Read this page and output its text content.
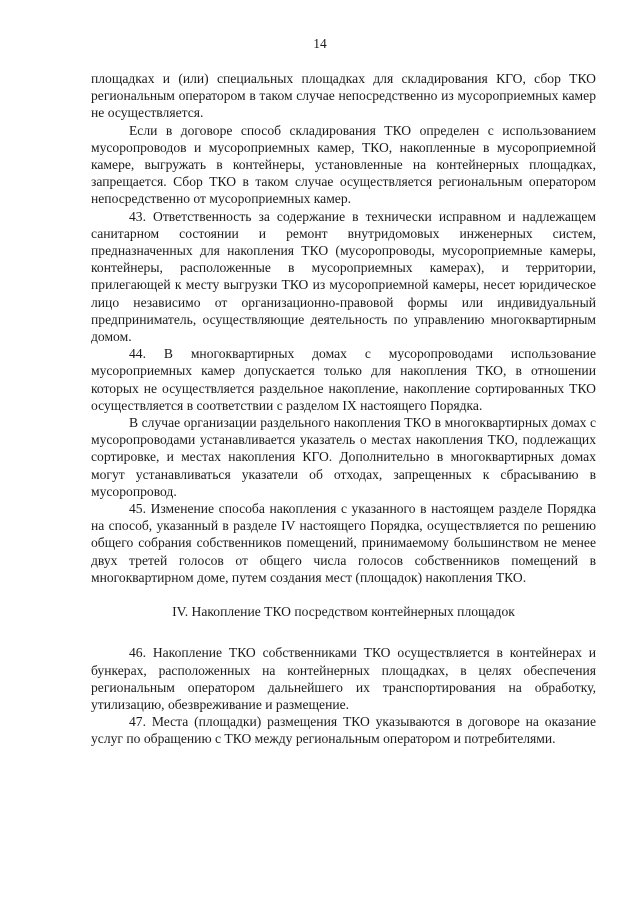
14

площадках и (или) специальных площадках для складирования КГО, сбор ТКО региональным оператором в таком случае непосредственно из мусороприемных камер не осуществляется.

Если в договоре способ складирования ТКО определен с использованием мусоропроводов и мусороприемных камер, ТКО, накопленные в мусороприемной камере, выгружать в контейнеры, установленные на контейнерных площадках, запрещается. Сбор ТКО в таком случае осуществляется региональным оператором непосредственно от мусороприемных камер.

43. Ответственность за содержание в технически исправном и надлежащем санитарном состоянии и ремонт внутридомовых инженерных систем, предназначенных для накопления ТКО (мусоропроводы, мусороприемные камеры, контейнеры, расположенные в мусороприемных камерах), и территории, прилегающей к месту выгрузки ТКО из мусороприемной камеры, несет юридическое лицо независимо от организационно-правовой формы или индивидуальный предприниматель, осуществляющие деятельность по управлению многоквартирным домом.

44. В многоквартирных домах с мусоропроводами использование мусороприемных камер допускается только для накопления ТКО, в отношении которых не осуществляется раздельное накопление, накопление сортированных ТКО осуществляется в соответствии с разделом IX настоящего Порядка.

В случае организации раздельного накопления ТКО в многоквартирных домах с мусоропроводами устанавливается указатель о местах накопления ТКО, подлежащих сортировке, и местах накопления КГО. Дополнительно в многоквартирных домах могут устанавливаться указатели об отходах, запрещенных к сбрасыванию в мусоропровод.

45. Изменение способа накопления с указанного в настоящем разделе Порядка на способ, указанный в разделе IV настоящего Порядка, осуществляется по решению общего собрания собственников помещений, принимаемому большинством не менее двух третей голосов от общего числа голосов собственников помещений в многоквартирном доме, путем создания мест (площадок) накопления ТКО.

IV. Накопление ТКО посредством контейнерных площадок

46. Накопление ТКО собственниками ТКО осуществляется в контейнерах и бункерах, расположенных на контейнерных площадках, в целях обеспечения региональным оператором дальнейшего их транспортирования на обработку, утилизацию, обезвреживание и размещение.

47. Места (площадки) размещения ТКО указываются в договоре на оказание услуг по обращению с ТКО между региональным оператором и потребителями.
